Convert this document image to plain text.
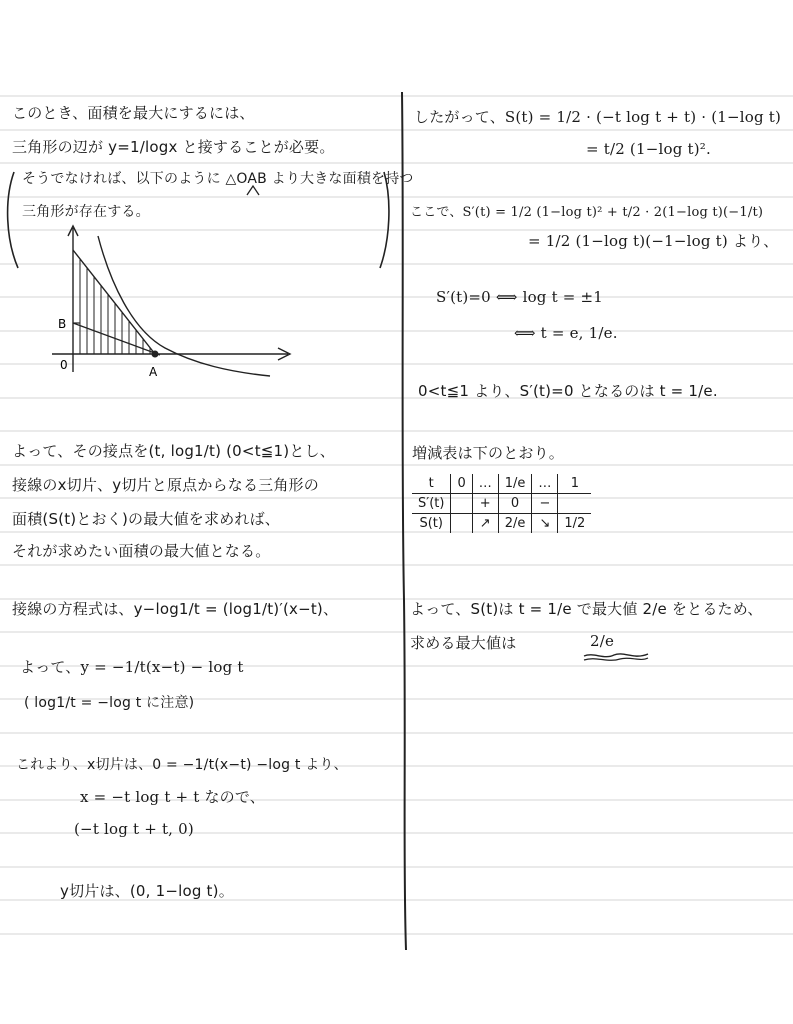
このとき、面積を最大にするには、
三角形の辺が y=1/logx と接することが必要。
そうでなければ、以下のように △OAB より大きな面積を持つ
三角形が存在する。
B
0	A
よって、その接点を(t, log1/t) (0<t≦1)とし、
接線のx切片、y切片と原点からなる三角形の
面積(S(t)とおく)の最大値を求めれば、
それが求めたい面積の最大値となる。
接線の方程式は、y−log1/t = (log1/t)′(x−t)、
よって、y = −1/t(x−t) − log t
( log1/t = −log t に注意)
これより、x切片は、0 = −1/t(x−t) −log t より、
x = −t log t + t なので、
(−t log t + t, 0)
y切片は、(0, 1−log t)。
したがって、S(t) = 1/2 · (−t log t + t) · (1−log t)
= t/2 (1−log t)².
ここで、S′(t) = 1/2 (1−log t)² + t/2 · 2(1−log t)(−1/t)
= 1/2 (1−log t)(−1−log t) より、
S′(t)=0 ⟺ log t = ±1
⟺ t = e, 1/e.
0<t≦1 より、S′(t)=0 となるのは t = 1/e.
増減表は下のとおり。
t	0	…	1/e	…	1
S′(t)		+	0	−	
S(t)		↗	2/e	↘	1/2
よって、S(t)は t = 1/e で最大値 2/e をとるため、
求める最大値は	2/e
